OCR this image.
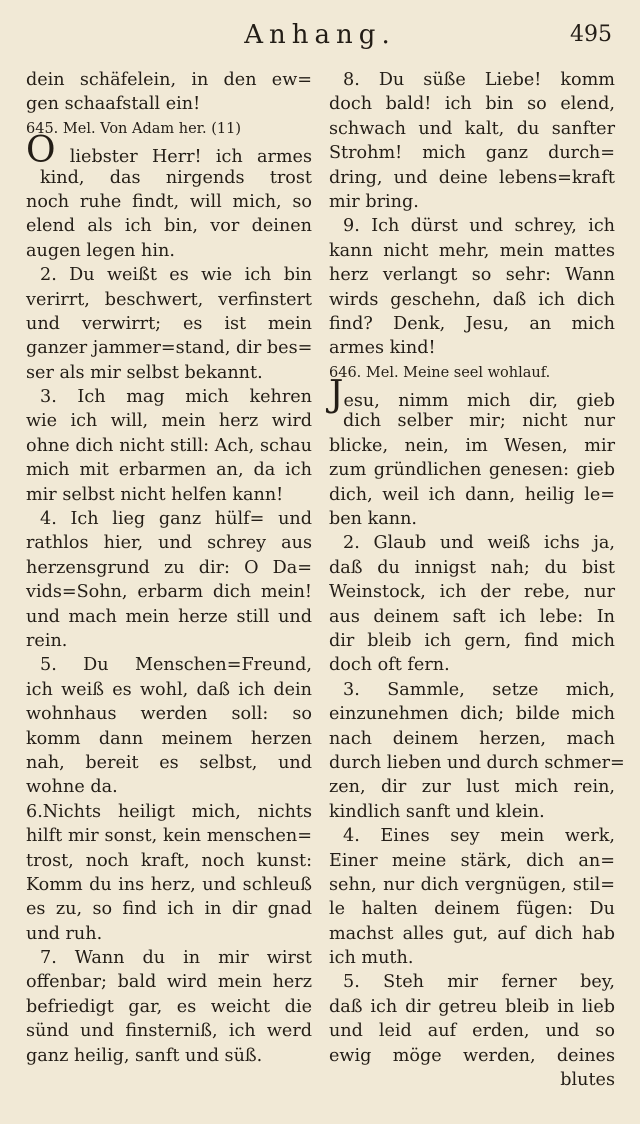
Anhang.	495
dein schäfelein, in den ew=
gen schaafstall ein!
645. Mel. Von Adam her. (11)
O liebster Herr! ich armes
kind, das nirgends trost
noch ruhe findt, will mich, so
elend als ich bin, vor deinen
augen legen hin.
2. Du weißt es wie ich bin
verirrt, beschwert, verfinstert
und verwirrt; es ist mein
ganzer jammer=stand, dir bes=
ser als mir selbst bekannt.
3. Ich mag mich kehren
wie ich will, mein herz wird
ohne dich nicht still: Ach, schau
mich mit erbarmen an, da ich
mir selbst nicht helfen kann!
4. Ich lieg ganz hülf= und
rathlos hier, und schrey aus
herzensgrund zu dir: O Da=
vids=Sohn, erbarm dich mein!
und mach mein herze still und
rein.
5. Du Menschen=Freund,
ich weiß es wohl, daß ich dein
wohnhaus werden soll: so
komm dann meinem herzen
nah, bereit es selbst, und
wohne da.
6.Nichts heiligt mich, nichts
hilft mir sonst, kein menschen=
trost, noch kraft, noch kunst:
Komm du ins herz, und schleuß
es zu, so find ich in dir gnad
und ruh.
7. Wann du in mir wirst
offenbar; bald wird mein herz
befriedigt gar, es weicht die
sünd und finsterniß, ich werd
ganz heilig, sanft und süß.
8. Du süße Liebe! komm
doch bald! ich bin so elend,
schwach und kalt, du sanfter
Strohm! mich ganz durch=
dring, und deine lebens=kraft
mir bring.
9. Ich dürst und schrey, ich
kann nicht mehr, mein mattes
herz verlangt so sehr: Wann
wirds geschehn, daß ich dich
find? Denk, Jesu, an mich
armes kind!
646. Mel. Meine seel wohlauf.
Jesu, nimm mich dir, gieb
dich selber mir; nicht nur
blicke, nein, im Wesen, mir
zum gründlichen genesen: gieb
dich, weil ich dann, heilig le=
ben kann.
2. Glaub und weiß ichs ja,
daß du innigst nah; du bist
Weinstock, ich der rebe, nur
aus deinem saft ich lebe: In
dir bleib ich gern, find mich
doch oft fern.
3. Sammle, setze mich,
einzunehmen dich; bilde mich
nach deinem herzen, mach
durch lieben und durch schmer=
zen, dir zur lust mich rein,
kindlich sanft und klein.
4. Eines sey mein werk,
Einer meine stärk, dich an=
sehn, nur dich vergnügen, stil=
le halten deinem fügen: Du
machst alles gut, auf dich hab
ich muth.
5. Steh mir ferner bey,
daß ich dir getreu bleib in lieb
und leid auf erden, und so
ewig möge werden, deines
blutes
